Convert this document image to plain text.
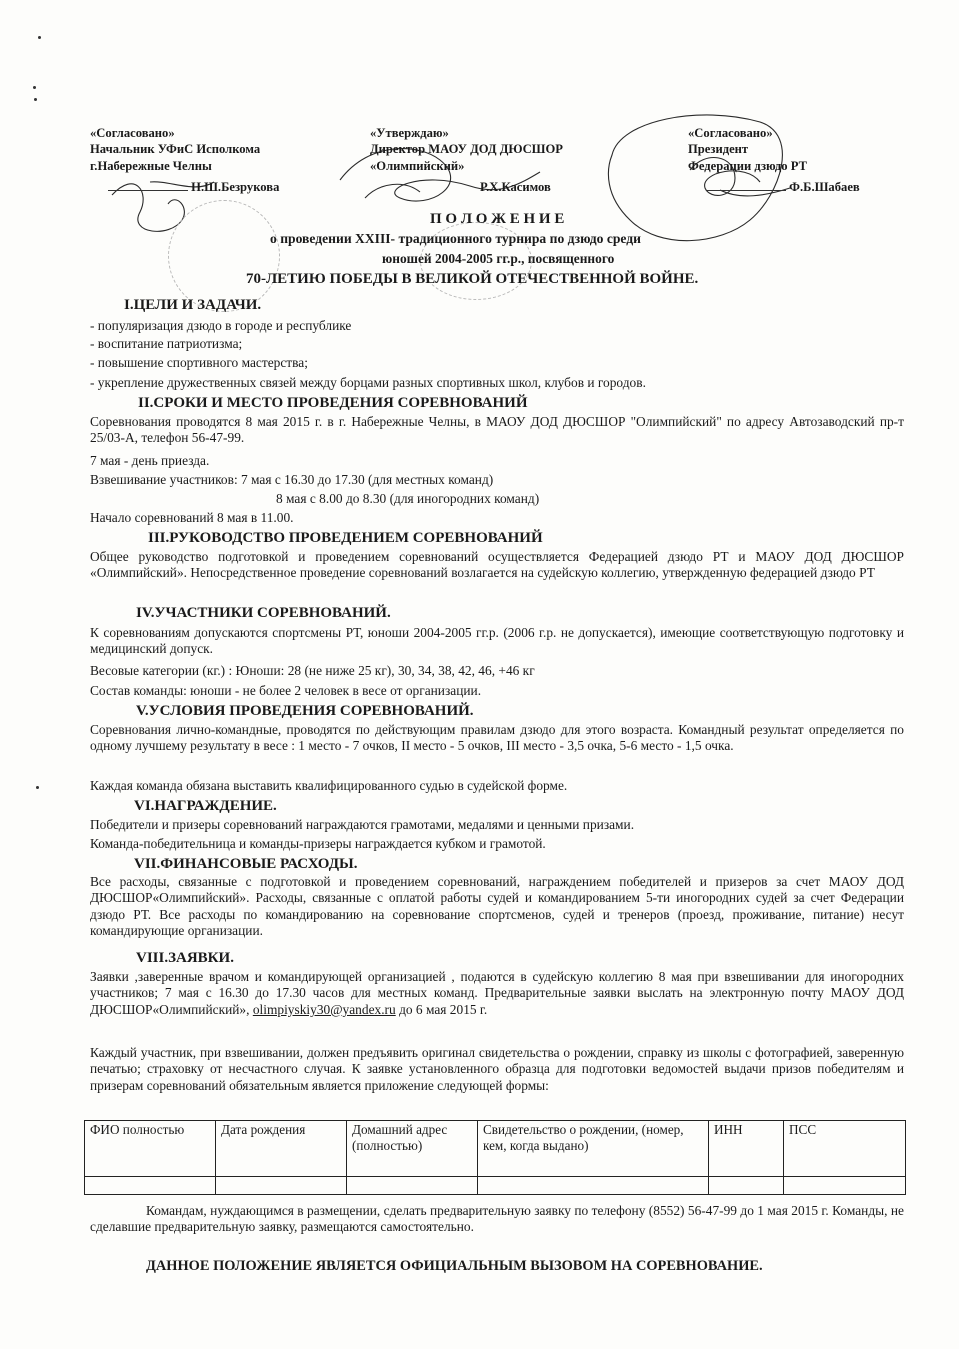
«Согласовано»
Начальник УФиС Исполкома
г.Набережные Челны
Н.Ш.Безрукова
«Утверждаю»
Директор МАОУ ДОД ДЮСШОР
«Олимпийский»
Р.Х.Касимов
«Согласовано»
Президент
Федерации дзюдо РТ
Ф.Б.Шабаев
П О Л О Ж Е Н И Е
о проведении XXIII- традиционного турнира по дзюдо среди
юношей 2004-2005 гг.р., посвященного
70-ЛЕТИЮ ПОБЕДЫ В ВЕЛИКОЙ ОТЕЧЕСТВЕННОЙ ВОЙНЕ.
I.ЦЕЛИ И ЗАДАЧИ.
- популяризация дзюдо в городе и республике
- воспитание патриотизма;
- повышение спортивного мастерства;
- укрепление дружественных связей между борцами разных спортивных школ, клубов и городов.
II.СРОКИ И МЕСТО ПРОВЕДЕНИЯ СОРЕВНОВАНИЙ
Соревнования проводятся 8 мая 2015 г. в г. Набережные Челны, в МАОУ ДОД ДЮСШОР "Олимпийский" по адресу Автозаводский пр-т 25/03-А, телефон 56-47-99.
7 мая - день приезда.
Взвешивание участников: 7 мая с 16.30 до 17.30 (для местных команд)
8 мая с 8.00 до 8.30 (для иногородних команд)
Начало соревнований 8 мая в 11.00.
III.РУКОВОДСТВО ПРОВЕДЕНИЕМ СОРЕВНОВАНИЙ
Общее руководство подготовкой и проведением соревнований осуществляется Федерацией дзюдо РТ и МАОУ ДОД ДЮСШОР «Олимпийский». Непосредственное проведение соревнований возлагается на судейскую коллегию, утвержденную федерацией дзюдо РТ
IV.УЧАСТНИКИ СОРЕВНОВАНИЙ.
К соревнованиям допускаются спортсмены РТ, юноши 2004-2005 гг.р. (2006 г.р. не допускается), имеющие соответствующую подготовку и медицинский допуск.
Весовые категории (кг.) : Юноши: 28 (не ниже 25 кг), 30, 34, 38, 42, 46, +46 кг
Состав команды: юноши - не более 2 человек в весе от организации.
V.УСЛОВИЯ ПРОВЕДЕНИЯ СОРЕВНОВАНИЙ.
Соревнования лично-командные, проводятся по действующим правилам дзюдо для этого возраста. Командный результат определяется по одному лучшему результату в весе : 1 место - 7 очков, II место - 5 очков, III место - 3,5 очка, 5-6 место - 1,5 очка.
Каждая команда обязана выставить квалифицированного судью в судейской форме.
VI.НАГРАЖДЕНИЕ.
Победители и призеры соревнований награждаются грамотами, медалями и ценными призами.
Команда-победительница и команды-призеры награждается кубком и грамотой.
VII.ФИНАНСОВЫЕ РАСХОДЫ.
Все расходы, связанные с подготовкой и проведением соревнований, награждением победителей и призеров за счет МАОУ ДОД ДЮСШОР«Олимпийский». Расходы, связанные с оплатой работы судей и командированием 5-ти иногородних судей за счет Федерации дзюдо РТ. Все расходы по командированию на соревнование спортсменов, судей и тренеров (проезд, проживание, питание) несут командирующие организации.
VIII.ЗАЯВКИ.
Заявки ,заверенные врачом и командирующей организацией , подаются в судейскую коллегию 8 мая при взвешивании для иногородних участников; 7 мая с 16.30 до 17.30 часов для местных команд. Предварительные заявки выслать на электронную почту МАОУ ДОД ДЮСШОР«Олимпийский», olimpiyskiy30@yandex.ru до 6 мая 2015 г.
Каждый участник, при взвешивании, должен предъявить оригинал свидетельства о рождении, справку из школы с фотографией, заверенную печатью; страховку от несчастного случая. К заявке установленного образца для подготовки ведомостей выдачи призов победителям и призерам соревнований обязательным является приложение следующей формы:
ФИО полностью	Дата рождения	Домашний адрес (полностью)	Свидетельство о рождении, (номер, кем, когда выдано)	ИНН	ПСС

Командам, нуждающимся в размещении, сделать предварительную заявку по телефону (8552) 56-47-99 до 1 мая 2015 г. Команды, не сделавшие предварительную заявку, размещаются самостоятельно.
ДАННОЕ ПОЛОЖЕНИЕ ЯВЛЯЕТСЯ ОФИЦИАЛЬНЫМ ВЫЗОВОМ НА СОРЕВНОВАНИЕ.
